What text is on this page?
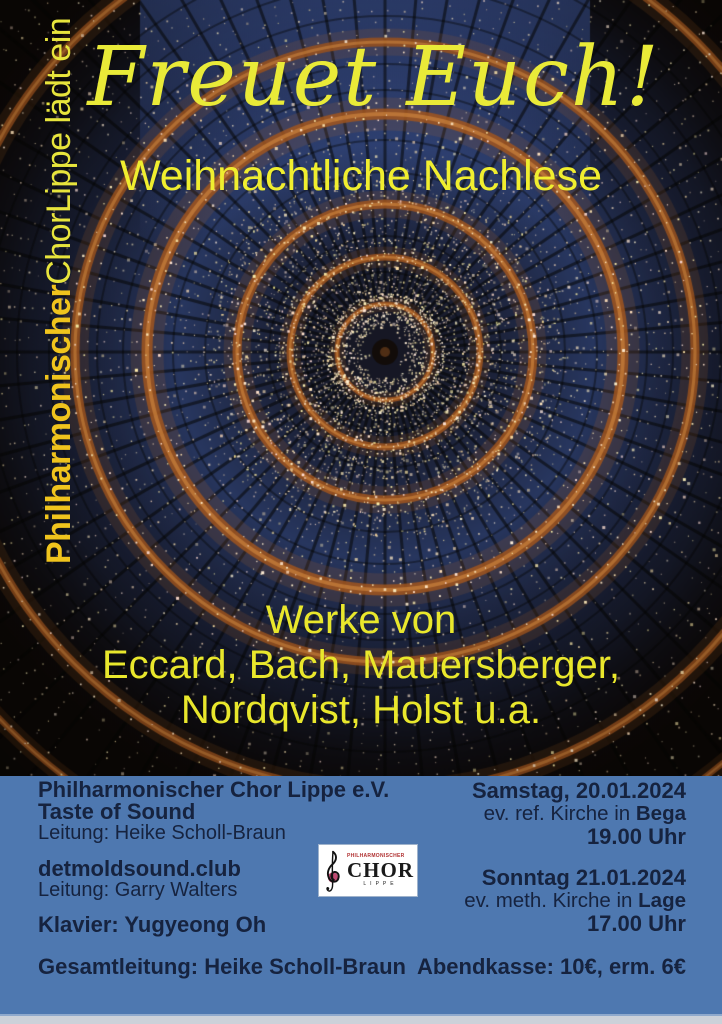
PhilharmonischerChorLippe lädt ein Freuet Euch!
Weihnachtliche Nachlese
Werke von
Eccard, Bach, Mauersberger,
Nordqvist, Holst u.a.

Philharmonischer Chor Lippe e.V.

Taste of Sound

Leitung: Heike Scholl-Braun

detmoldsound.club

Leitung: Garry Walters

Klavier: Yugyeong Oh

Gesamtleitung: Heike Scholl-Braun

PHILHARMONISCHER
CHOR
LIPPE

Samstag, 20.01.2024

ev. ref. Kirche in Bega

19.00 Uhr

Sonntag 21.01.2024

ev. meth. Kirche in Lage

17.00 Uhr

Abendkasse: 10€, erm. 6€
